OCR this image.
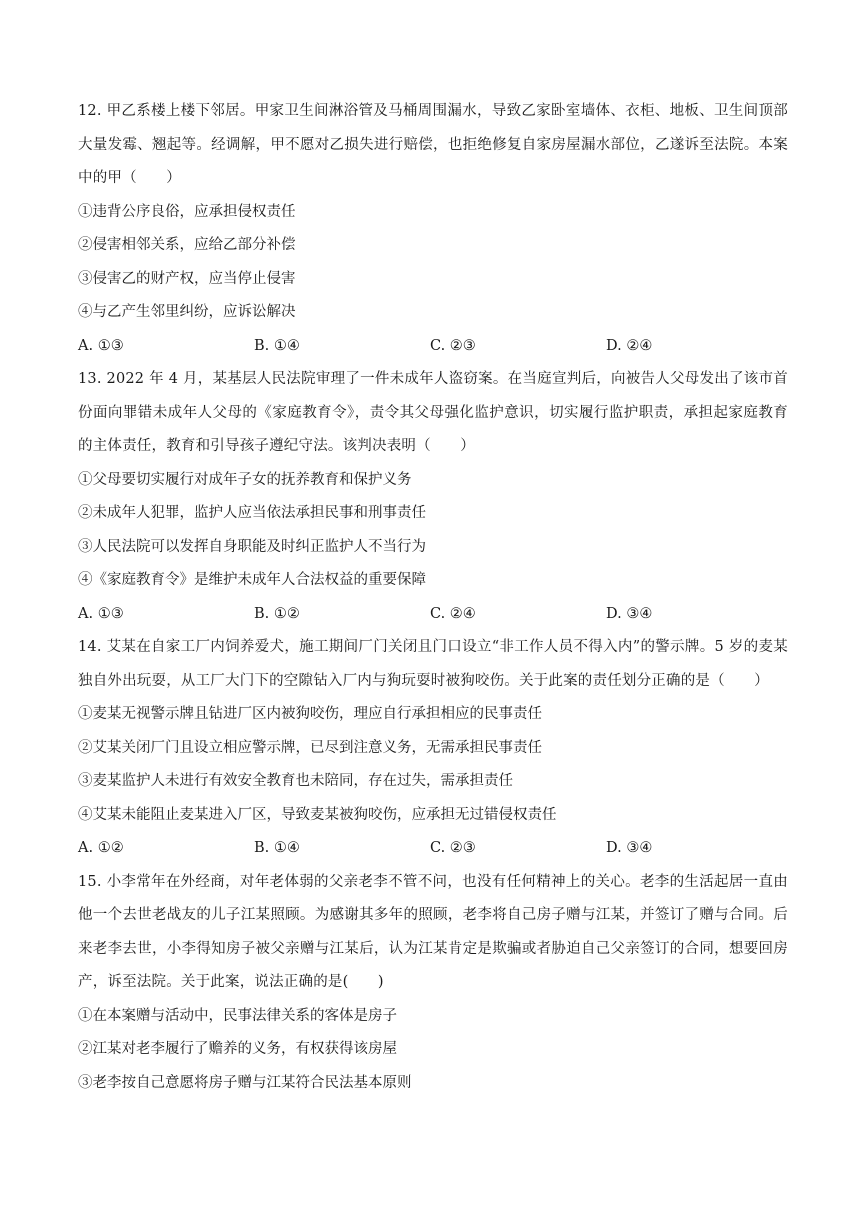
12. 甲乙系楼上楼下邻居。甲家卫生间淋浴管及马桶周围漏水，导致乙家卧室墙体、衣柜、地板、卫生间顶部大量发霉、翘起等。经调解，甲不愿对乙损失进行赔偿，也拒绝修复自家房屋漏水部位，乙遂诉至法院。本案中的甲（　　）

①违背公序良俗，应承担侵权责任

②侵害相邻关系，应给乙部分补偿

③侵害乙的财产权，应当停止侵害

④与乙产生邻里纠纷，应诉讼解决

A. ①③	B. ①④	C. ②③	D. ②④

13. 2022 年 4 月，某基层人民法院审理了一件未成年人盗窃案。在当庭宣判后，向被告人父母发出了该市首份面向罪错未成年人父母的《家庭教育令》，责令其父母强化监护意识，切实履行监护职责，承担起家庭教育的主体责任，教育和引导孩子遵纪守法。该判决表明（　　）

①父母要切实履行对成年子女的抚养教育和保护义务

②未成年人犯罪，监护人应当依法承担民事和刑事责任

③人民法院可以发挥自身职能及时纠正监护人不当行为

④《家庭教育令》是维护未成年人合法权益的重要保障

A. ①③	B. ①②	C. ②④	D. ③④

14. 艾某在自家工厂内饲养爱犬，施工期间厂门关闭且门口设立“非工作人员不得入内”的警示牌。5 岁的麦某独自外出玩耍，从工厂大门下的空隙钻入厂内与狗玩耍时被狗咬伤。关于此案的责任划分正确的是（　　）

①麦某无视警示牌且钻进厂区内被狗咬伤，理应自行承担相应的民事责任

②艾某关闭厂门且设立相应警示牌，已尽到注意义务，无需承担民事责任

③麦某监护人未进行有效安全教育也未陪同，存在过失，需承担责任

④艾某未能阻止麦某进入厂区，导致麦某被狗咬伤，应承担无过错侵权责任

A. ①②	B. ①④	C. ②③	D. ③④

15. 小李常年在外经商，对年老体弱的父亲老李不管不问，也没有任何精神上的关心。老李的生活起居一直由他一个去世老战友的儿子江某照顾。为感谢其多年的照顾，老李将自己房子赠与江某，并签订了赠与合同。后来老李去世，小李得知房子被父亲赠与江某后，认为江某肯定是欺骗或者胁迫自己父亲签订的合同，想要回房产，诉至法院。关于此案，说法正确的是(　　)

①在本案赠与活动中，民事法律关系的客体是房子

②江某对老李履行了赡养的义务，有权获得该房屋

③老李按自己意愿将房子赠与江某符合民法基本原则
